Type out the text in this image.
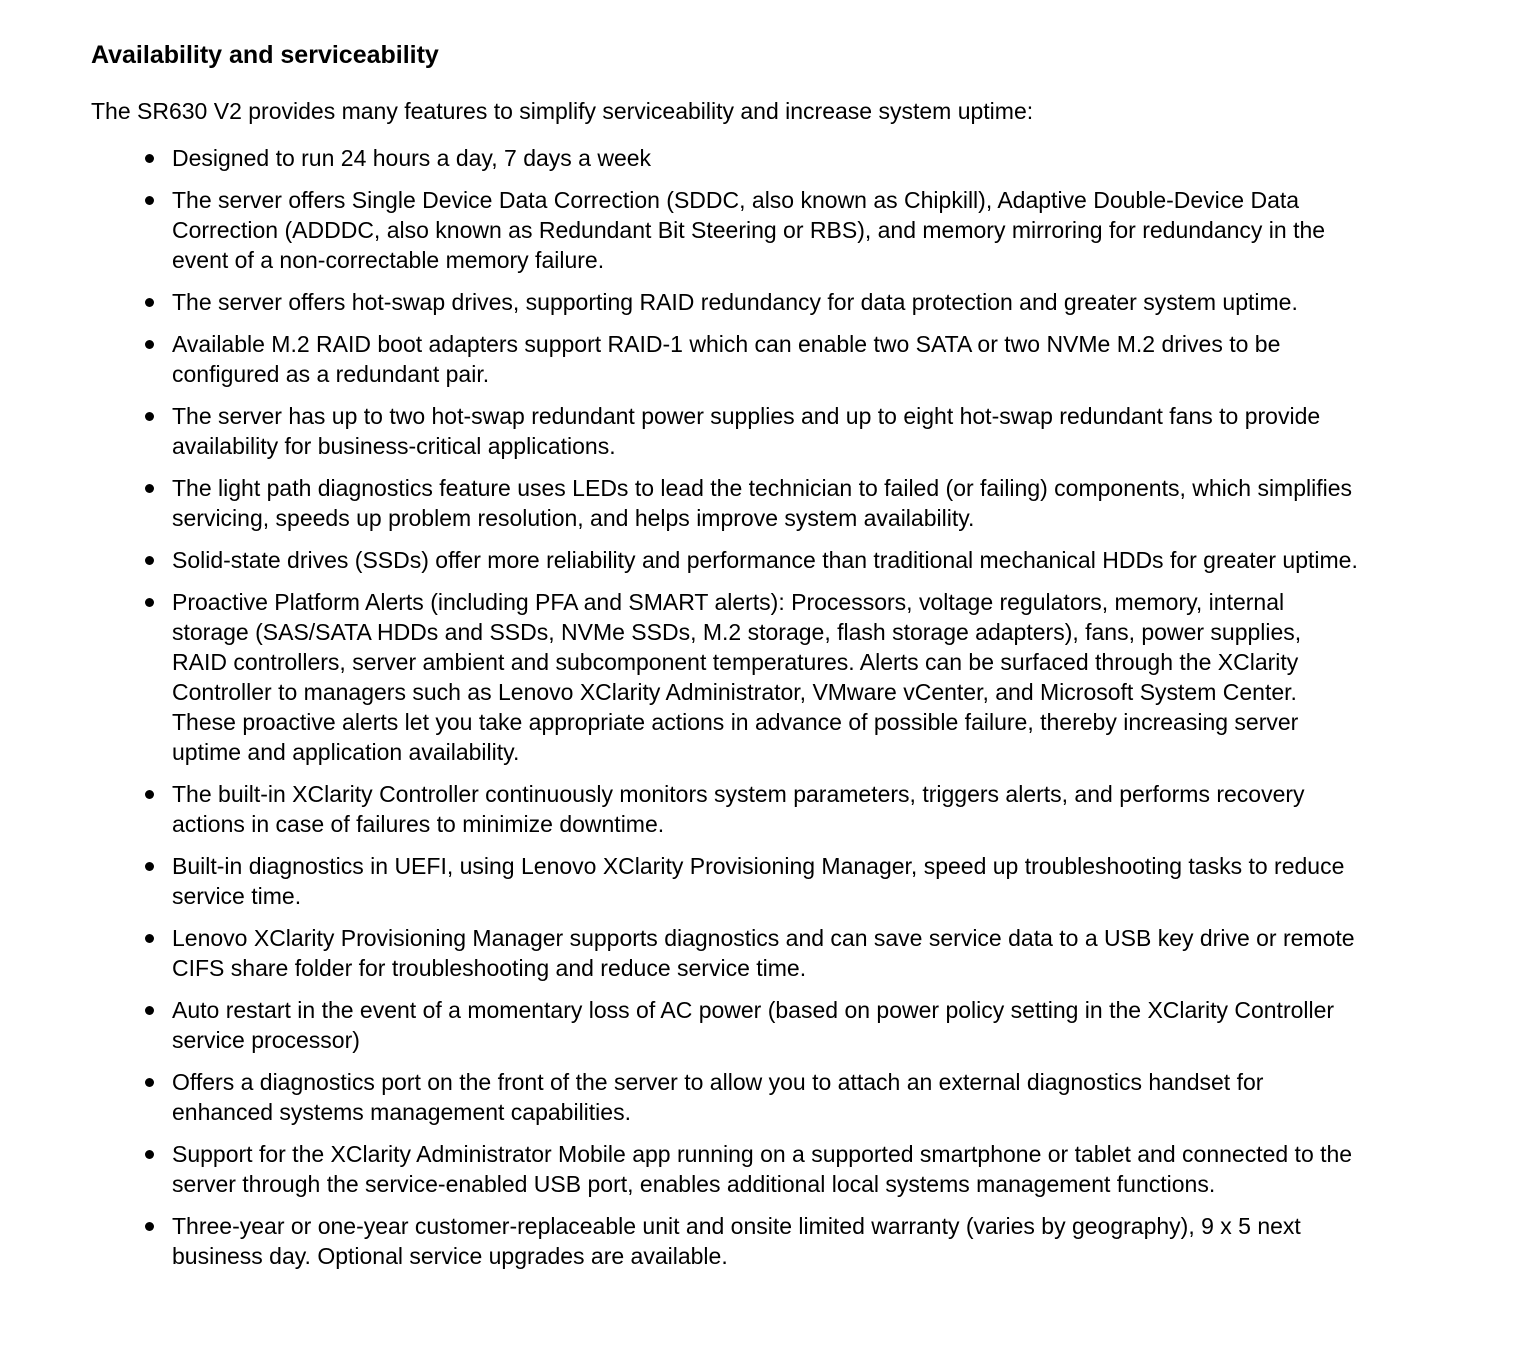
Availability and serviceability

The SR630 V2 provides many features to simplify serviceability and increase system uptime:

Designed to run 24 hours a day, 7 days a week
The server offers Single Device Data Correction (SDDC, also known as Chipkill), Adaptive Double-Device Data Correction (ADDDC, also known as Redundant Bit Steering or RBS), and memory mirroring for redundancy in the event of a non-correctable memory failure.
The server offers hot-swap drives, supporting RAID redundancy for data protection and greater system uptime.
Available M.2 RAID boot adapters support RAID-1 which can enable two SATA or two NVMe M.2 drives to be configured as a redundant pair.
The server has up to two hot-swap redundant power supplies and up to eight hot-swap redundant fans to provide availability for business-critical applications.
The light path diagnostics feature uses LEDs to lead the technician to failed (or failing) components, which simplifies servicing, speeds up problem resolution, and helps improve system availability.
Solid-state drives (SSDs) offer more reliability and performance than traditional mechanical HDDs for greater uptime.
Proactive Platform Alerts (including PFA and SMART alerts): Processors, voltage regulators, memory, internal storage (SAS/SATA HDDs and SSDs, NVMe SSDs, M.2 storage, flash storage adapters), fans, power supplies, RAID controllers, server ambient and subcomponent temperatures. Alerts can be surfaced through the XClarity Controller to managers such as Lenovo XClarity Administrator, VMware vCenter, and Microsoft System Center. These proactive alerts let you take appropriate actions in advance of possible failure, thereby increasing server uptime and application availability.
The built-in XClarity Controller continuously monitors system parameters, triggers alerts, and performs recovery actions in case of failures to minimize downtime.
Built-in diagnostics in UEFI, using Lenovo XClarity Provisioning Manager, speed up troubleshooting tasks to reduce service time.
Lenovo XClarity Provisioning Manager supports diagnostics and can save service data to a USB key drive or remote CIFS share folder for troubleshooting and reduce service time.
Auto restart in the event of a momentary loss of AC power (based on power policy setting in the XClarity Controller service processor)
Offers a diagnostics port on the front of the server to allow you to attach an external diagnostics handset for enhanced systems management capabilities.
Support for the XClarity Administrator Mobile app running on a supported smartphone or tablet and connected to the server through the service-enabled USB port, enables additional local systems management functions.
Three-year or one-year customer-replaceable unit and onsite limited warranty (varies by geography), 9 x 5 next business day. Optional service upgrades are available.
